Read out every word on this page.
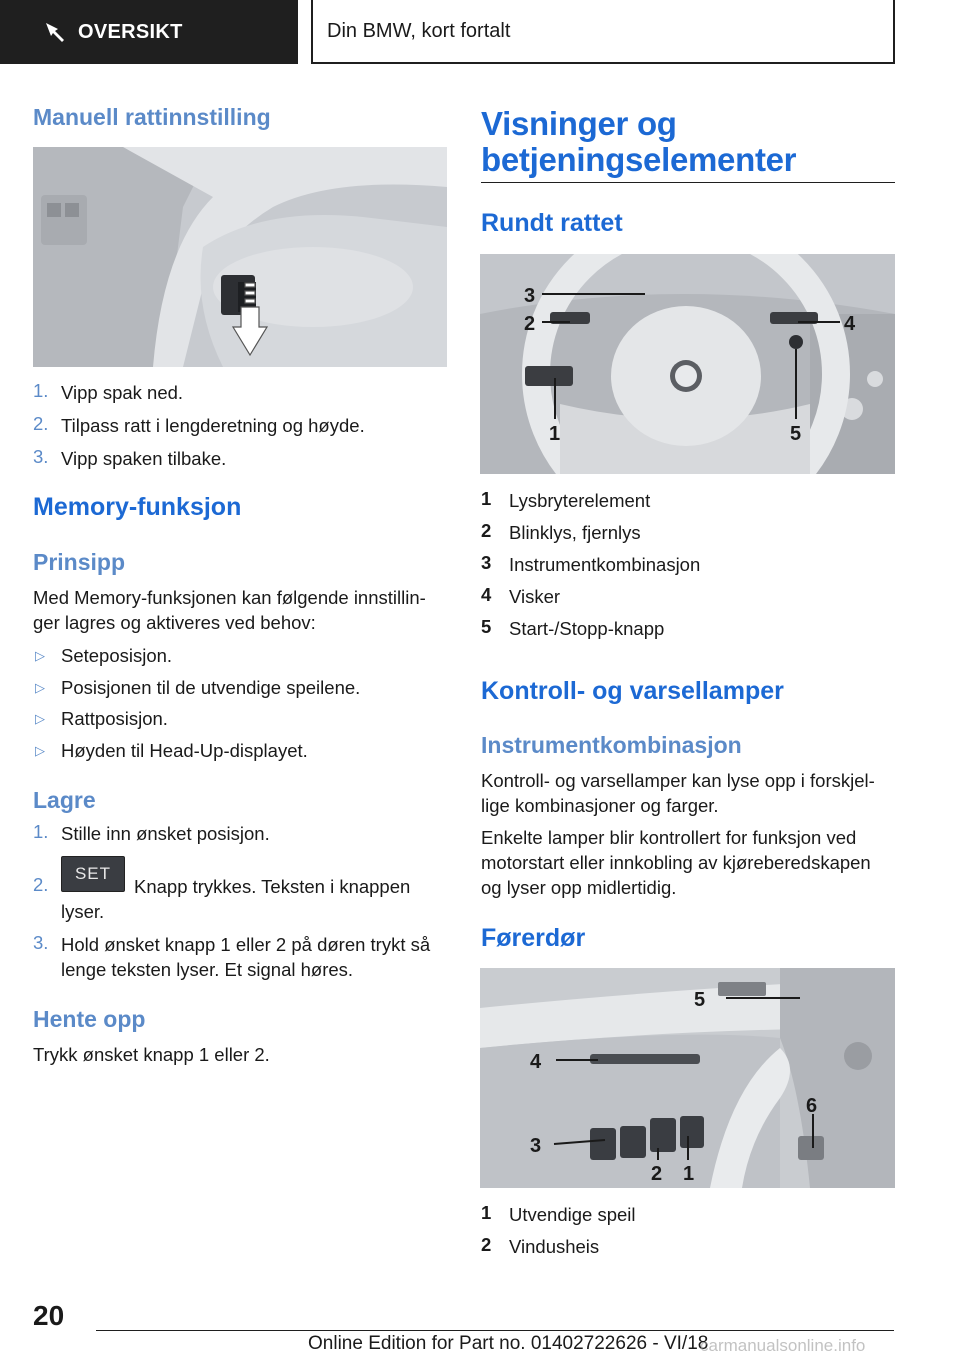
OVERSIKT	Din BMW, kort fortalt
Manuell rattinnstilling
1. Vipp spak ned.
2. Tilpass ratt i lengderetning og høyde.
3. Vipp spaken tilbake.
Memory-funksjon
Prinsipp
Med Memory-funksjonen kan følgende innstillin-
ger lagres og aktiveres ved behov:
▷ Seteposisjon.
▷ Posisjonen til de utvendige speilene.
▷ Rattposisjon.
▷ Høyden til Head-Up-displayet.
Lagre
1. Stille inn ønsket posisjon.
2.
SET
Knapp trykkes. Teksten i knappen
lyser.
3. Hold ønsket knapp 1 eller 2 på døren trykt så
lenge teksten lyser. Et signal høres.
Hente opp
Trykk ønsket knapp 1 eller 2.
Visninger og
betjeningselementer
Rundt rattet
3
2	4
1	5
1 Lysbryterelement
2 Blinklys, fjernlys
3 Instrumentkombinasjon
4 Visker
5 Start-/Stopp-knapp
Kontroll- og varsellamper
Instrumentkombinasjon
Kontroll- og varsellamper kan lyse opp i forskjel-
lige kombinasjoner og farger.
Enkelte lamper blir kontrollert for funksjon ved
motorstart eller innkobling av kjøreberedskapen
og lyser opp midlertidig.
Førerdør
4
5
6
3
2 1
1 Utvendige speil
2 Vindusheis
20
Online Edition for Part no. 01402722626 - VI/18
carmanualsonline.info
